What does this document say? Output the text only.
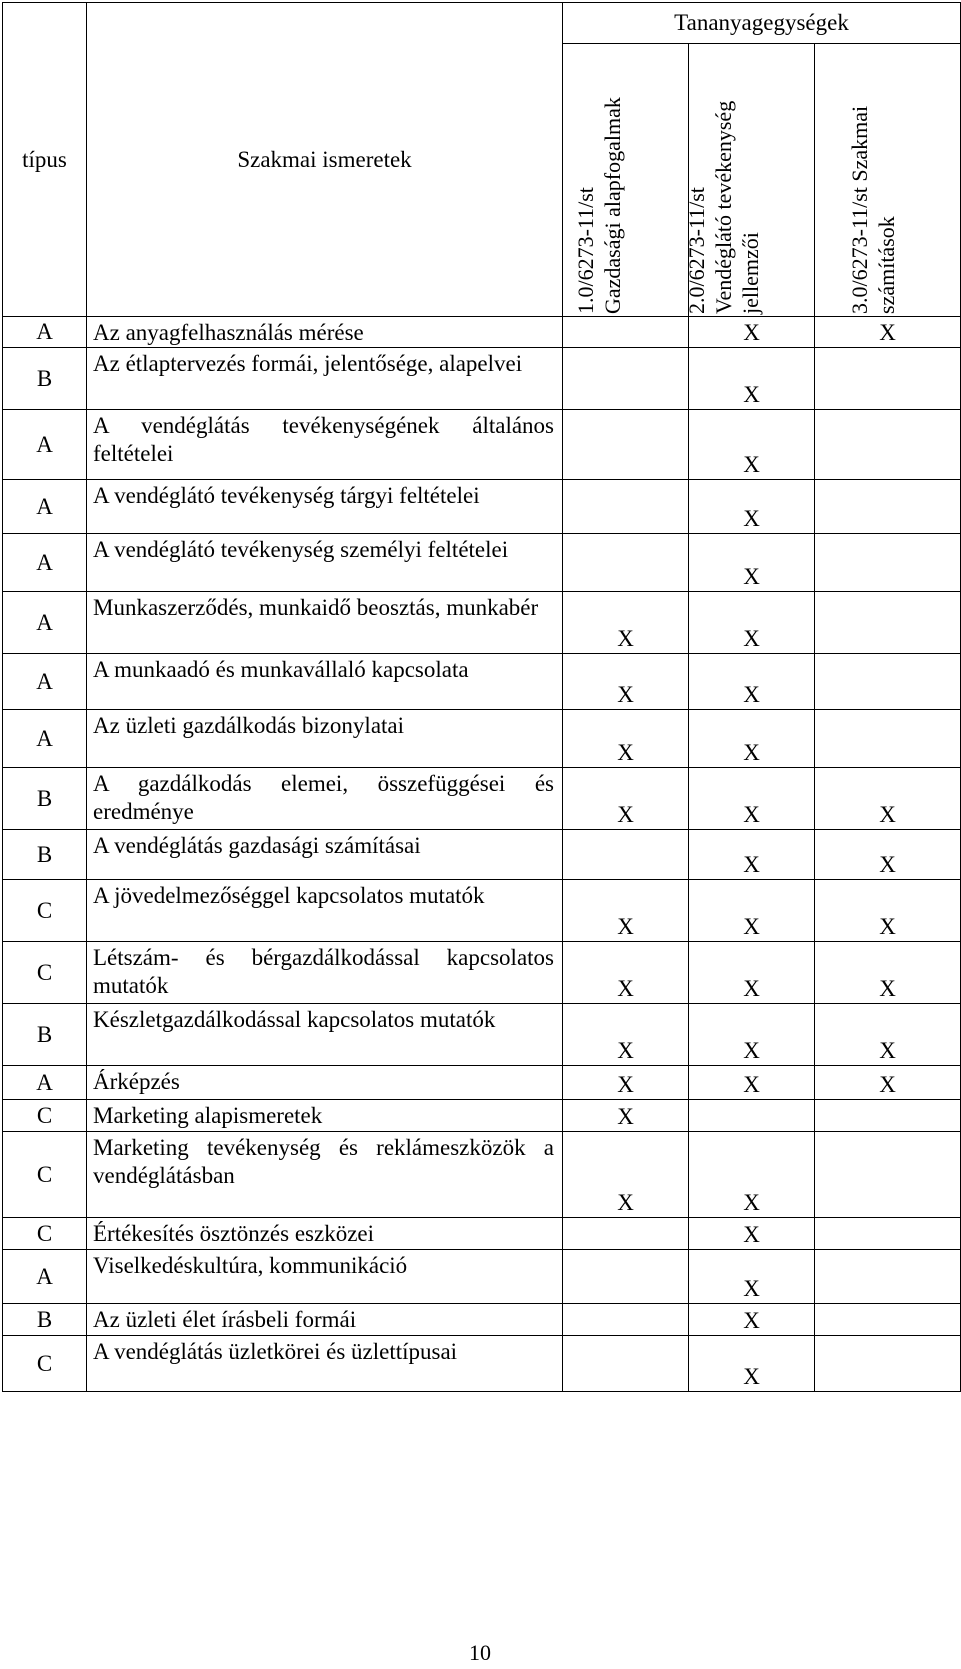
típus	Szakmai ismeretek	Tananyagegységek		

		1.0/6273-11/st Gazdasági alapfogalmak	2.0/6273-11/st Vendéglátó tevékenység jellemzői	3.0/6273-11/st Szakmai számítások

A	Az anyagfelhasználás mérése		X	X
B	Az étlaptervezés formái, jelentősége, alapelvei		X	
A	A vendéglátás tevékenységének általános feltételei		X	
A	A vendéglátó tevékenység tárgyi feltételei		X	
A	A vendéglátó tevékenység személyi feltételei		X	
A	Munkaszerződés, munkaidő beosztás, munkabér	X	X	
A	A munkaadó és munkavállaló kapcsolata	X	X	
A	Az üzleti gazdálkodás bizonylatai	X	X	
B	A gazdálkodás elemei, összefüggései és eredménye	X	X	X
B	A vendéglátás gazdasági számításai		X	X
C	A jövedelmezőséggel kapcsolatos mutatók	X	X	X
C	Létszám- és bérgazdálkodással kapcsolatos mutatók	X	X	X
B	Készletgazdálkodással kapcsolatos mutatók	X	X	X
A	Árképzés	X	X	X
C	Marketing alapismeretek	X		
C	Marketing tevékenység és reklámeszközök a vendéglátásban	X	X	
C	Értékesítés ösztönzés eszközei		X	
A	Viselkedéskultúra, kommunikáció		X	
B	Az üzleti élet írásbeli formái		X	
C	A vendéglátás üzletkörei és üzlettípusai		X	
10
